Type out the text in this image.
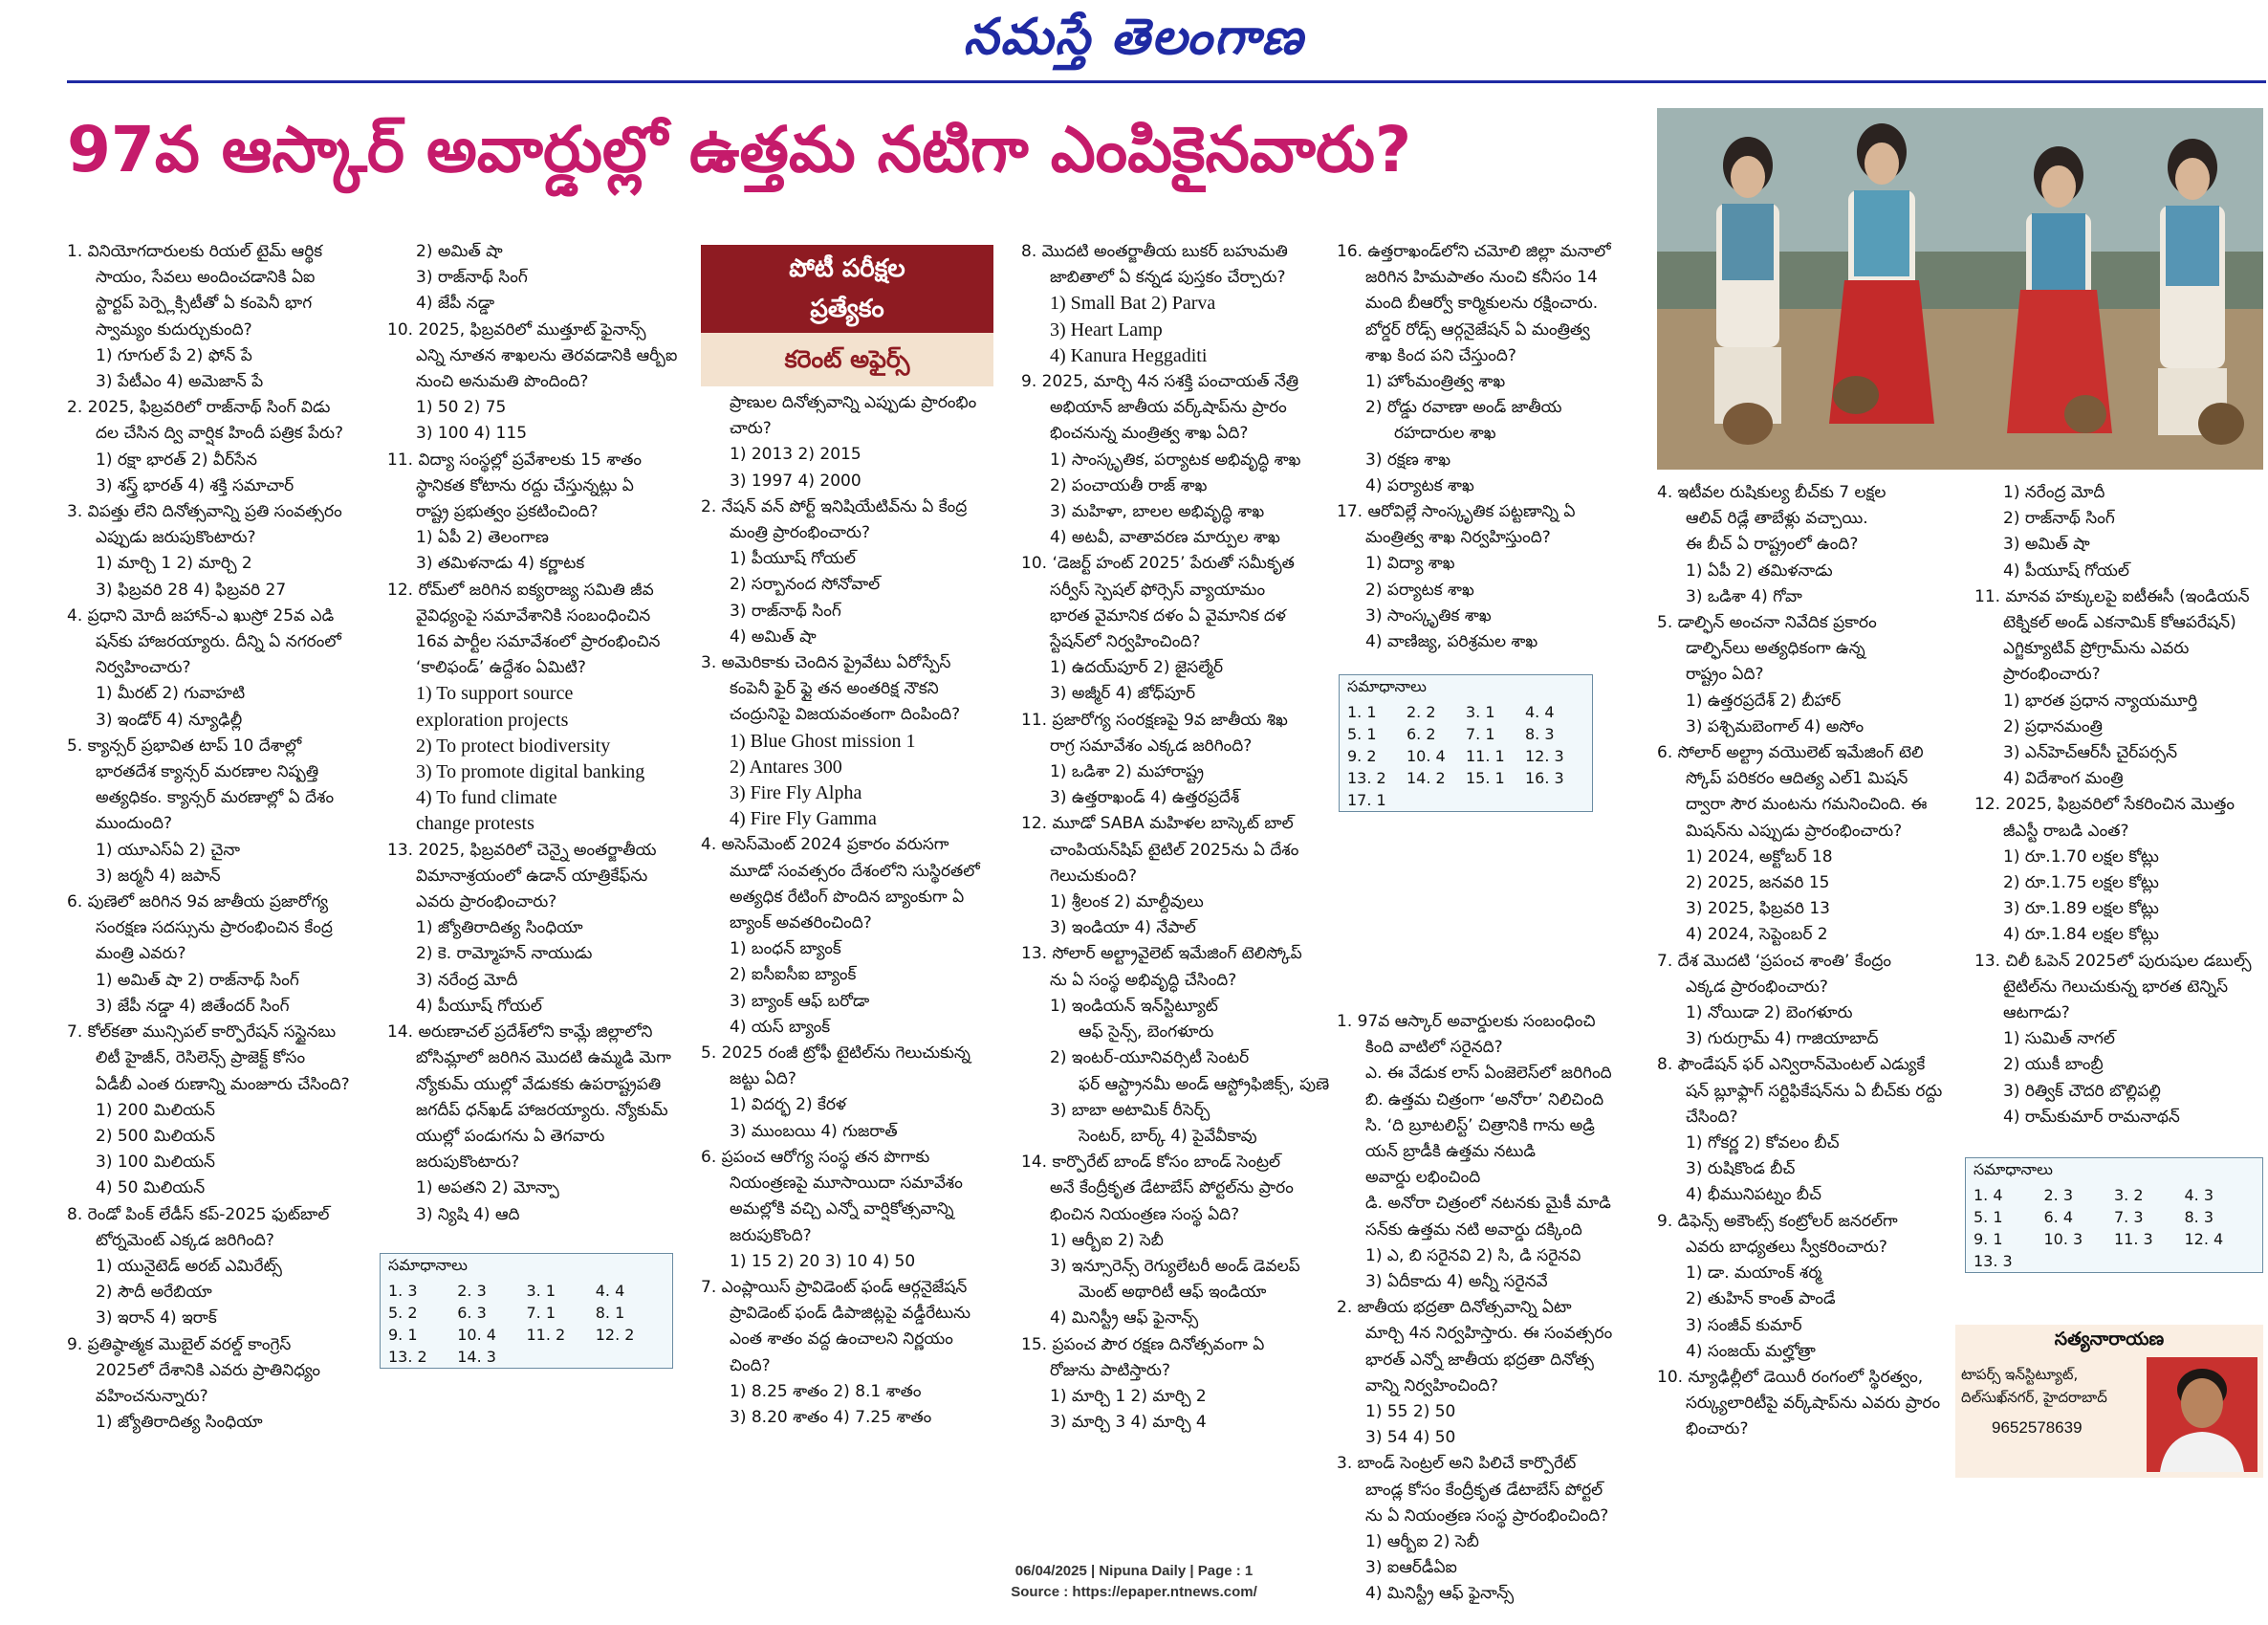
నమస్తే తెలంగాణ
97వ ఆస్కార్ అవార్డుల్లో ఉత్తమ నటిగా ఎంపికైనవారు?
పోటీ పరీక్షల
ప్రత్యేకం
కరెంట్ అఫైర్స్

1. వినియోగదారులకు రియల్ టైమ్ ఆర్థిక

సాయం, సేవలు అందించడానికి ఏఐ

స్టార్టప్ పెర్ప్లెక్సిటీతో ఏ కంపెనీ భాగ

స్వామ్యం కుదుర్చుకుంది?

1) గూగుల్ పే 2) ఫోన్ పే

3) పేటీఎం 4) అమెజాన్ పే

2. 2025, ఫిబ్రవరిలో రాజ్‌నాథ్ సింగ్ విడు

దల చేసిన ద్వి వార్షిక హిందీ పత్రిక పేరు?

1) రక్షా భారత్ 2) వీర్‌సేన

3) శస్త్ర్ భారత్ 4) శక్తి సమాచార్

3. విపత్తు లేని దినోత్సవాన్ని ప్రతి సంవత్సరం

ఎప్పుడు జరుపుకొంటారు?

1) మార్చి 1 2) మార్చి 2

3) ఫిబ్రవరి 28 4) ఫిబ్రవరి 27

4. ప్రధాని మోదీ జహాన్-ఎ ఖుస్రో 25వ ఎడి

షన్‌కు హాజరయ్యారు. దీన్ని ఏ నగరంలో

నిర్వహించారు?

1) మీరట్ 2) గువాహటి

3) ఇండోర్ 4) న్యూఢిల్లీ

5. క్యాన్సర్ ప్రభావిత టాప్ 10 దేశాల్లో

భారతదేశ క్యాన్సర్ మరణాల నిష్పత్తి

అత్యధికం. క్యాన్సర్ మరణాల్లో ఏ దేశం

ముందుంది?

1) యూఎస్ఏ 2) చైనా

3) జర్మనీ 4) జపాన్

6. పుణెలో జరిగిన 9వ జాతీయ ప్రజారోగ్య

సంరక్షణ సదస్సును ప్రారంభించిన కేంద్ర

మంత్రి ఎవరు?

1) అమిత్ షా 2) రాజ్‌నాథ్ సింగ్

3) జేపీ నడ్డా 4) జితేందర్ సింగ్

7. కోల్‌కతా మున్సిపల్ కార్పొరేషన్ సస్టైనబు

లిటీ హైజీన్, రెసిలెన్స్ ప్రాజెక్ట్ కోసం

ఏడీబీ ఎంత రుణాన్ని మంజూరు చేసింది?

1) 200 మిలియన్

2) 500 మిలియన్

3) 100 మిలియన్

4) 50 మిలియన్

8. రెండో పింక్ లేడీస్ కప్-2025 ఫుట్‌బాల్

టోర్నమెంట్ ఎక్కడ జరిగింది?

1) యునైటెడ్ అరబ్ ఎమిరేట్స్

2) సౌదీ అరేబియా

3) ఇరాన్ 4) ఇరాక్

9. ప్రతిష్ఠాత్మక మొబైల్ వరల్డ్ కాంగ్రెస్

2025లో దేశానికి ఎవరు ప్రాతినిధ్యం

వహించనున్నారు?

1) జ్యోతిరాదిత్య సింధియా

2) అమిత్ షా

3) రాజ్‌నాథ్ సింగ్

4) జేపీ నడ్డా

10. 2025, ఫిబ్రవరిలో ముత్తూట్ ఫైనాన్స్

ఎన్ని నూతన శాఖలను తెరవడానికి ఆర్బీఐ

నుంచి అనుమతి పొందింది?

1) 50 2) 75

3) 100 4) 115

11. విద్యా సంస్థల్లో ప్రవేశాలకు 15 శాతం

స్థానికత కోటాను రద్దు చేస్తున్నట్లు ఏ

రాష్ట్ర ప్రభుత్వం ప్రకటించింది?

1) ఏపీ 2) తెలంగాణ

3) తమిళనాడు 4) కర్ణాటక

12. రోమ్‌లో జరిగిన ఐక్యరాజ్య సమితి జీవ

వైవిధ్యంపై సమావేశానికి సంబంధించిన

16వ పార్టీల సమావేశంలో ప్రారంభించిన

‘కాలిఫండ్’ ఉద్దేశం ఏమిటి?

1) To support source

exploration projects

2) To protect biodiversity

3) To promote digital banking

4) To fund climate

change protests

13. 2025, ఫిబ్రవరిలో చెన్నై అంతర్జాతీయ

విమానాశ్రయంలో ఉడాన్ యాత్రికేఫ్‌ను

ఎవరు ప్రారంభించారు?

1) జ్యోతిరాదిత్య సింధియా

2) కె. రామ్మోహన్ నాయుడు

3) నరేంద్ర మోదీ

4) పీయూష్ గోయల్

14. అరుణాచల్ ప్రదేశ్‌లోని కామ్లే జిల్లాలోని

బోసిమ్లాలో జరిగిన మొదటి ఉమ్మడి మెగా

న్యోకుమ్ యుల్లో వేడుకకు ఉపరాష్ట్రపతి

జగదీప్ ధన్‌ఖడ్ హాజరయ్యారు. న్యోకుమ్

యుల్లో పండుగను ఏ తెగవారు

జరుపుకొంటారు?

1) అపతని 2) మోన్పా

3) న్యిషి 4) ఆది

ప్రాణుల దినోత్సవాన్ని ఎప్పుడు ప్రారంభిం

చారు?

1) 2013 2) 2015

3) 1997 4) 2000

2. నేషన్ వన్ పోర్ట్ ఇనిషియేటివ్‌ను ఏ కేంద్ర

మంత్రి ప్రారంభించారు?

1) పీయూష్ గోయల్

2) సర్బానంద సోనోవాల్

3) రాజ్‌నాథ్ సింగ్

4) అమిత్ షా

3. అమెరికాకు చెందిన ప్రైవేటు ఏరోస్పేస్

కంపెనీ ఫైర్ ఫ్లై తన అంతరిక్ష నౌకని

చంద్రునిపై విజయవంతంగా దింపింది?

1) Blue Ghost mission 1

2) Antares 300

3) Fire Fly Alpha

4) Fire Fly Gamma

4. అసెస్‌మెంట్ 2024 ప్రకారం వరుసగా

మూడో సంవత్సరం దేశంలోని సుస్థిరతలో

అత్యధిక రేటింగ్ పొందిన బ్యాంకుగా ఏ

బ్యాంక్ అవతరించింది?

1) బంధన్ బ్యాంక్

2) ఐసీఐసీఐ బ్యాంక్

3) బ్యాంక్ ఆఫ్ బరోడా

4) యస్ బ్యాంక్

5. 2025 రంజీ ట్రోఫీ టైటిల్‌ను గెలుచుకున్న

జట్టు ఏది?

1) విదర్భ 2) కేరళ

3) ముంబయి 4) గుజరాత్

6. ప్రపంచ ఆరోగ్య సంస్థ తన పొగాకు

నియంత్రణపై మూసాయిదా సమావేశం

అమల్లోకి వచ్చి ఎన్నో వార్షికోత్సవాన్ని

జరుపుకొంది?

1) 15 2) 20 3) 10 4) 50

7. ఎంప్లాయిస్ ప్రావిడెంట్ ఫండ్ ఆర్గనైజేషన్

ప్రావిడెంట్ ఫండ్ డిపాజిట్లపై వడ్డీరేటును

ఎంత శాతం వద్ద ఉంచాలని నిర్ణయం

చింది?

1) 8.25 శాతం 2) 8.1 శాతం

3) 8.20 శాతం 4) 7.25 శాతం

8. మొదటి అంతర్జాతీయ బుకర్ బహుమతి

జాబితాలో ఏ కన్నడ పుస్తకం చేర్చారు?

1) Small Bat 2) Parva

3) Heart Lamp

4) Kanura Heggaditi

9. 2025, మార్చి 4న సశక్తి పంచాయత్ నేత్రి

అభియాన్ జాతీయ వర్క్‌షాప్‌ను ప్రారం

భించనున్న మంత్రిత్వ శాఖ ఏది?

1) సాంస్కృతిక, పర్యాటక అభివృద్ధి శాఖ

2) పంచాయతీ రాజ్ శాఖ

3) మహిళా, బాలల అభివృద్ధి శాఖ

4) అటవీ, వాతావరణ మార్పుల శాఖ

10. ‘డెజర్ట్ హంట్ 2025’ పేరుతో సమీకృత

సర్వీస్ స్పెషల్ ఫోర్సెస్ వ్యాయామం

భారత వైమానిక దళం ఏ వైమానిక దళ

స్టేషన్‌లో నిర్వహించింది?

1) ఉదయ్‌పూర్ 2) జైసల్మేర్

3) అజ్మీర్ 4) జోధ్‌పూర్

11. ప్రజారోగ్య సంరక్షణపై 9వ జాతీయ శిఖ

రాగ్ర సమావేశం ఎక్కడ జరిగింది?

1) ఒడిశా 2) మహారాష్ట్ర

3) ఉత్తరాఖండ్ 4) ఉత్తరప్రదేశ్

12. మూడో SABA మహిళల బాస్కెట్ బాల్

చాంపియన్‌షిప్ టైటిల్ 2025ను ఏ దేశం

గెలుచుకుంది?

1) శ్రీలంక 2) మాల్దీవులు

3) ఇండియా 4) నేపాల్

13. సోలార్ అల్ట్రావైలెట్ ఇమేజింగ్ టెలిస్కోప్

ను ఏ సంస్థ అభివృద్ధి చేసింది?

1) ఇండియన్ ఇన్‌స్టిట్యూట్

ఆఫ్ సైన్స్, బెంగళూరు

2) ఇంటర్-యూనివర్సిటీ సెంటర్

ఫర్ ఆస్ట్రానమీ అండ్ ఆస్ట్రోఫిజిక్స్, పుణె

3) బాబా అటామిక్ రీసెర్చ్

సెంటర్, బార్క్ 4) పైవేవీకావు

14. కార్పొరేట్ బాండ్ కోసం బాండ్ సెంట్రల్

అనే కేంద్రీకృత డేటాబేస్ పోర్టల్‌ను ప్రారం

భించిన నియంత్రణ సంస్థ ఏది?

1) ఆర్బీఐ 2) సెబీ

3) ఇన్సూరెన్స్ రెగ్యులేటరీ అండ్ డెవలప్

మెంట్ అథారిటీ ఆఫ్ ఇండియా

4) మినిస్ట్రీ ఆఫ్ ఫైనాన్స్

15. ప్రపంచ పౌర రక్షణ దినోత్సవంగా ఏ

రోజును పాటిస్తారు?

1) మార్చి 1 2) మార్చి 2

3) మార్చి 3 4) మార్చి 4

16. ఉత్తరాఖండ్‌లోని చమోలి జిల్లా మనాలో

జరిగిన హిమపాతం నుంచి కనీసం 14

మంది బీఆర్వో కార్మికులను రక్షించారు.

బోర్డర్ రోడ్స్ ఆర్గనైజేషన్ ఏ మంత్రిత్వ

శాఖ కింద పని చేస్తుంది?

1) హోంమంత్రిత్వ శాఖ

2) రోడ్డు రవాణా అండ్ జాతీయ

రహదారుల శాఖ

3) రక్షణ శాఖ

4) పర్యాటక శాఖ

17. ఆరోవిల్లే సాంస్కృతిక పట్టణాన్ని ఏ

మంత్రిత్వ శాఖ నిర్వహిస్తుంది?

1) విద్యా శాఖ

2) పర్యాటక శాఖ

3) సాంస్కృతిక శాఖ

4) వాణిజ్య, పరిశ్రమల శాఖ

1. 97వ ఆస్కార్ అవార్డులకు సంబంధించి

కింది వాటిలో సరైనది?

ఎ. ఈ వేడుక లాస్ ఏంజెలెస్‌లో జరిగింది

బి. ఉత్తమ చిత్రంగా ‘అనోరా’ నిలిచింది

సి. ‘ది బ్రూటలిస్ట్’ చిత్రానికి గాను అడ్రి

యన్ బ్రాడీకి ఉత్తమ నటుడి

అవార్డు లభించింది

డి. అనోరా చిత్రంలో నటనకు మైకీ మాడి

సన్‌కు ఉత్తమ నటి అవార్డు దక్కింది

1) ఎ, బి సరైనవి 2) సి, డి సరైనవి

3) ఏదీకాదు 4) అన్నీ సరైనవే

2. జాతీయ భద్రతా దినోత్సవాన్ని ఏటా

మార్చి 4న నిర్వహిస్తారు. ఈ సంవత్సరం

భారత్ ఎన్నో జాతీయ భద్రతా దినోత్స

వాన్ని నిర్వహించింది?

1) 55 2) 50

3) 54 4) 50

3. బాండ్ సెంట్రల్ అని పిలిచే కార్పొరేట్

బాండ్ల కోసం కేంద్రీకృత డేటాబేస్ పోర్టల్

ను ఏ నియంత్రణ సంస్థ ప్రారంభించింది?

1) ఆర్బీఐ 2) సెబీ

3) ఐఆర్‌డీఏఐ

4) మినిస్ట్రీ ఆఫ్ ఫైనాన్స్

4. ఇటీవల రుషికుల్య బీచ్‌కు 7 లక్షల

ఆలివ్ రిడ్లే తాబేళ్లు వచ్చాయి.

ఈ బీచ్ ఏ రాష్ట్రంలో ఉంది?

1) ఏపీ 2) తమిళనాడు

3) ఒడిశా 4) గోవా

5. డాల్ఫిన్ అంచనా నివేదిక ప్రకారం

డాల్ఫిన్‌లు అత్యధికంగా ఉన్న

రాష్ట్రం ఏది?

1) ఉత్తరప్రదేశ్ 2) బీహార్

3) పశ్చిమబెంగాల్ 4) అసోం

6. సోలార్ అల్ట్రా వయొలెట్ ఇమేజింగ్ టెలి

స్కోప్ పరికరం ఆదిత్య ఎల్1 మిషన్

ద్వారా సౌర మంటను గమనించింది. ఈ

మిషన్‌ను ఎప్పుడు ప్రారంభించారు?

1) 2024, అక్టోబర్ 18

2) 2025, జనవరి 15

3) 2025, ఫిబ్రవరి 13

4) 2024, సెప్టెంబర్ 2

7. దేశ మొదటి ‘ప్రపంచ శాంతి’ కేంద్రం

ఎక్కడ ప్రారంభించారు?

1) నోయిడా 2) బెంగళూరు

3) గురుగ్రామ్ 4) గాజియాబాద్

8. ఫౌండేషన్ ఫర్ ఎన్విరాన్‌మెంటల్ ఎడ్యుకే

షన్ బ్లూఫ్లాగ్ సర్టిఫికేషన్‌ను ఏ బీచ్‌కు రద్దు

చేసింది?

1) గోకర్ణ 2) కోవలం బీచ్

3) రుషికొండ బీచ్

4) భీమునిపట్నం బీచ్

9. డిఫెన్స్ అకౌంట్స్ కంట్రోలర్ జనరల్‌గా

ఎవరు బాధ్యతలు స్వీకరించారు?

1) డా. మయాంక్ శర్మ

2) తుహిన్ కాంత్ పాండే

3) సంజీవ్ కుమార్

4) సంజయ్ మల్హోత్రా

10. న్యూఢిల్లీలో డెయిరీ రంగంలో స్థిరత్వం,

సర్క్యులారిటీపై వర్క్‌షాప్‌ను ఎవరు ప్రారం

భించారు?

1) నరేంద్ర మోదీ

2) రాజ్‌నాథ్ సింగ్

3) అమిత్ షా

4) పీయూష్ గోయల్

11. మానవ హక్కులపై ఐటీఈసీ (ఇండియన్

టెక్నికల్ అండ్ ఎకనామిక్ కోఆపరేషన్)

ఎగ్జిక్యూటివ్ ప్రోగ్రామ్‌ను ఎవరు

ప్రారంభించారు?

1) భారత ప్రధాన న్యాయమూర్తి

2) ప్రధానమంత్రి

3) ఎన్‌హెచ్ఆర్‌సీ చైర్‌పర్సన్

4) విదేశాంగ మంత్రి

12. 2025, ఫిబ్రవరిలో సేకరించిన మొత్తం

జీఎస్టీ రాబడి ఎంత?

1) రూ.1.70 లక్షల కోట్లు

2) రూ.1.75 లక్షల కోట్లు

3) రూ.1.89 లక్షల కోట్లు

4) రూ.1.84 లక్షల కోట్లు

13. చిలీ ఓపెన్ 2025లో పురుషుల డబుల్స్

టైటిల్‌ను గెలుచుకున్న భారత టెన్నిస్

ఆటగాడు?

1) సుమిత్ నాగల్

2) యుకీ బాంబ్రీ

3) రిత్విక్ చౌదరి బొల్లిపల్లి

4) రామ్‌కుమార్ రామనాథన్

సమాధానాలు
1. 3	2. 3	3. 1	4. 4
5. 2	6. 3	7. 1	8. 1
9. 1	10. 4	11. 2	12. 2
13. 2	14. 3
సమాధానాలు
1. 1	2. 2	3. 1	4. 4
5. 1	6. 2	7. 1	8. 3
9. 2	10. 4	11. 1	12. 3
13. 2	14. 2	15. 1	16. 3
17. 1
సమాధానాలు
1. 4	2. 3	3. 2	4. 3
5. 1	6. 4	7. 3	8. 3
9. 1	10. 3	11. 3	12. 4
13. 3
సత్యనారాయణ
టాపర్స్ ఇన్‌స్టిట్యూట్,
దిల్‌సుఖ్‌నగర్, హైదరాబాద్
9652578639
06/04/2025 | Nipuna Daily | Page : 1
Source : https://epaper.ntnews.com/
